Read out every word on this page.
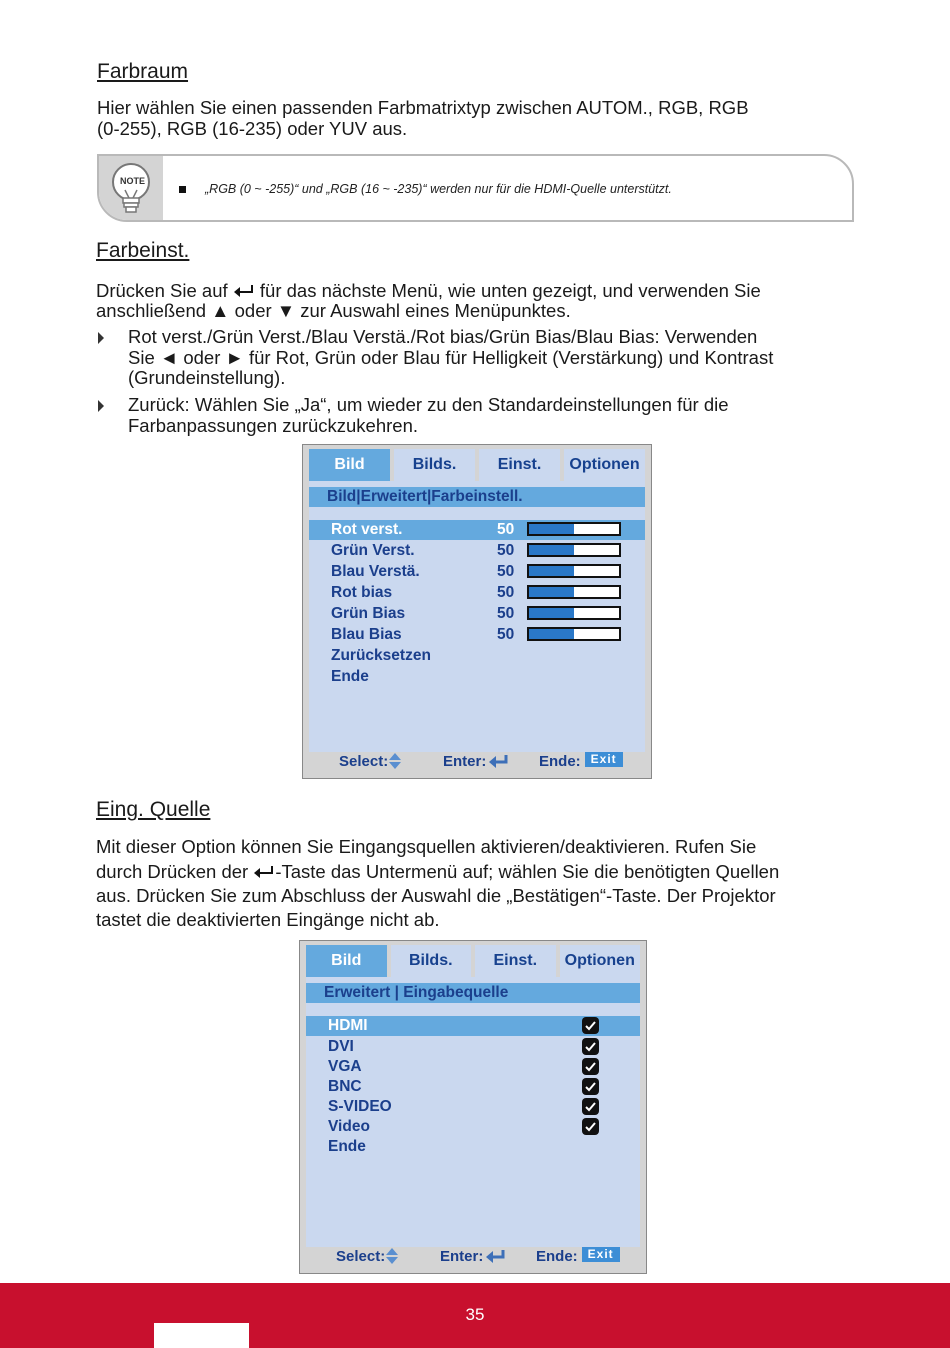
Farbraum
Hier wählen Sie einen passenden Farbmatrixtyp zwischen AUTOM., RGB, RGB
(0-255), RGB (16-235) oder YUV aus.
NOTE
„RGB (0 ~ -255)“ und „RGB (16 ~ -235)“ werden nur für die HDMI-Quelle unterstützt.
Farbeinst.
Drücken Sie auf für das nächste Menü, wie unten gezeigt, und verwenden Sie
anschließend ▲ oder ▼ zur Auswahl eines Menüpunktes.
Rot verst./Grün Verst./Blau Verstä./Rot bias/Grün Bias/Blau Bias: Verwenden
Sie ◄ oder ► für Rot, Grün oder Blau für Helligkeit (Verstärkung) und Kontrast
(Grundeinstellung).
Zurück: Wählen Sie „Ja“, um wieder zu den Standardeinstellungen für die
Farbanpassungen zurückzukehren.
Bild	Bilds.	Einst.	Optionen
Bild|Erweitert|Farbeinstell.
Rot verst.	50
Grün Verst.	50
Blau Verstä.	50
Rot bias	50
Grün Bias	50
Blau Bias	50
Zurücksetzen
Ende
Select:	Enter:	Ende: Exit
Eing. Quelle
Mit dieser Option können Sie Eingangsquellen aktivieren/deaktivieren. Rufen Sie
durch Drücken der -Taste das Untermenü auf; wählen Sie die benötigten Quellen
aus. Drücken Sie zum Abschluss der Auswahl die „Bestätigen“-Taste. Der Projektor
tastet die deaktivierten Eingänge nicht ab.
Bild	Bilds.	Einst.	Optionen
Erweitert | Eingabequelle
HDMI
DVI
VGA
BNC
S-VIDEO
Video
Ende
Select:	Enter:	Ende: Exit
35
